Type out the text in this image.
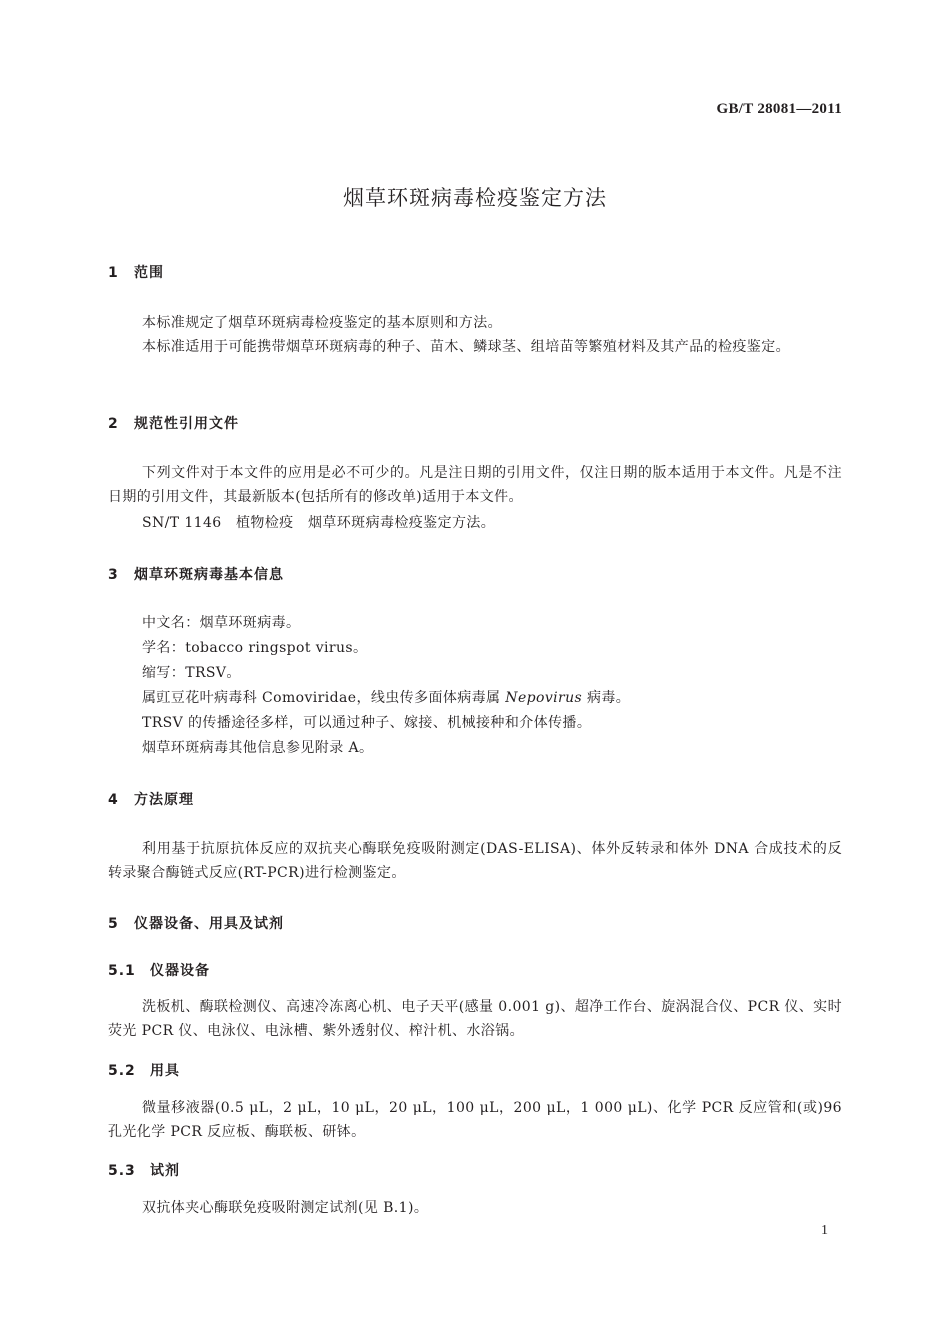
GB/T 28081—2011
烟草环斑病毒检疫鉴定方法
1 范围
本标准规定了烟草环斑病毒检疫鉴定的基本原则和方法。
本标准适用于可能携带烟草环斑病毒的种子、苗木、鳞球茎、组培苗等繁殖材料及其产品的检疫鉴定。
2 规范性引用文件
下列文件对于本文件的应用是必不可少的。凡是注日期的引用文件，仅注日期的版本适用于本文件。凡是不注日期的引用文件，其最新版本(包括所有的修改单)适用于本文件。
SN/T 1146　植物检疫　烟草环斑病毒检疫鉴定方法。
3 烟草环斑病毒基本信息
中文名：烟草环斑病毒。
学名：tobacco ringspot virus。
缩写：TRSV。
属豇豆花叶病毒科 Comoviridae，线虫传多面体病毒属 Nepovirus 病毒。
TRSV 的传播途径多样，可以通过种子、嫁接、机械接种和介体传播。
烟草环斑病毒其他信息参见附录 A。
4 方法原理
利用基于抗原抗体反应的双抗夹心酶联免疫吸附测定(DAS-ELISA)、体外反转录和体外 DNA 合成技术的反转录聚合酶链式反应(RT-PCR)进行检测鉴定。
5 仪器设备、用具及试剂
5.1 仪器设备
洗板机、酶联检测仪、高速冷冻离心机、电子天平(感量 0.001 g)、超净工作台、旋涡混合仪、PCR 仪、实时荧光 PCR 仪、电泳仪、电泳槽、紫外透射仪、榨汁机、水浴锅。
5.2 用具
微量移液器(0.5 μL，2 μL，10 μL，20 μL，100 μL，200 μL，1 000 μL)、化学 PCR 反应管和(或)96 孔光化学 PCR 反应板、酶联板、研钵。
5.3 试剂
双抗体夹心酶联免疫吸附测定试剂(见 B.1)。
1
